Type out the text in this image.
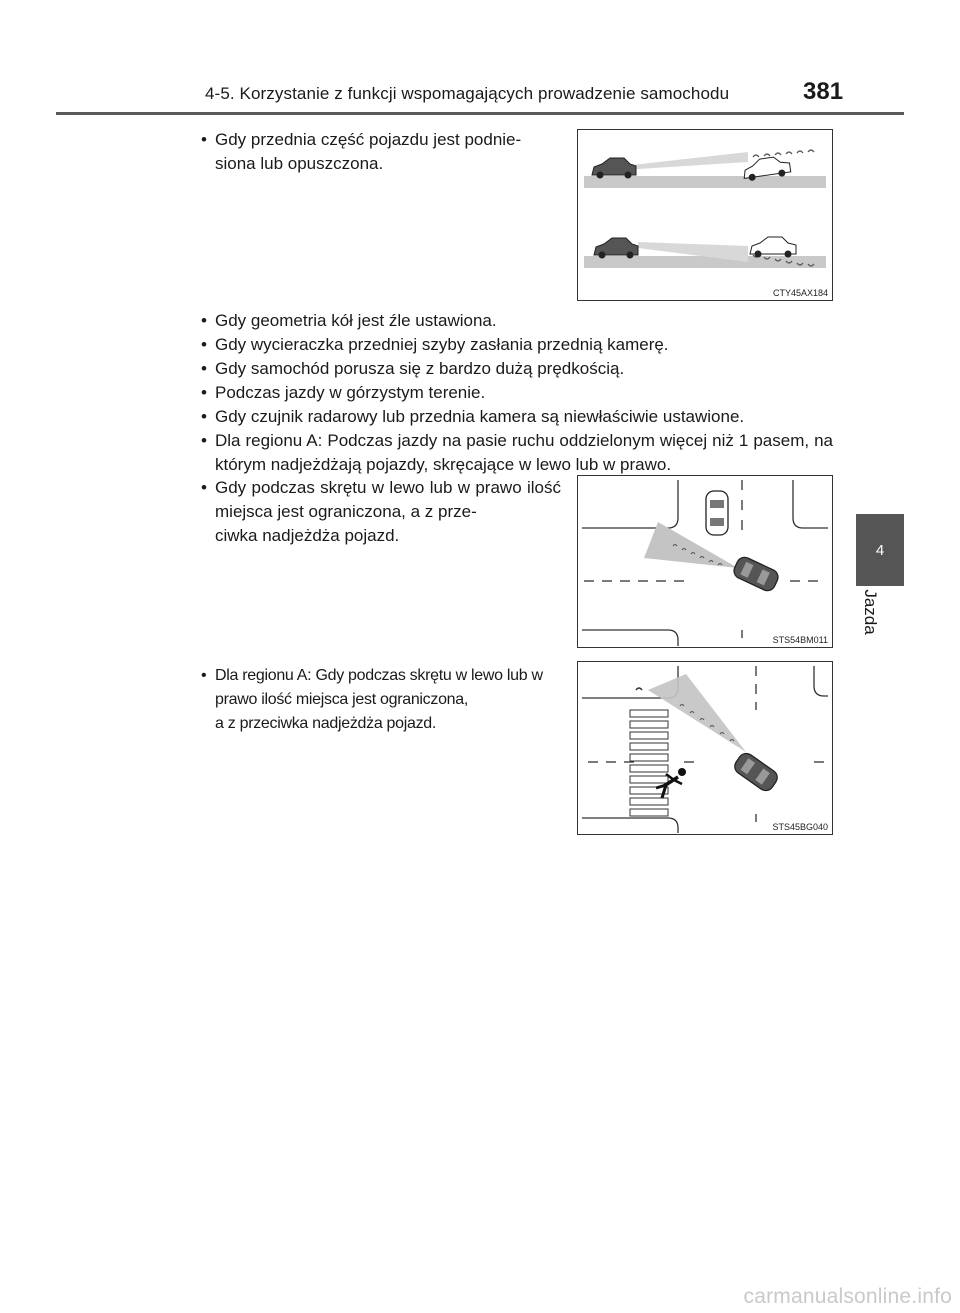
4-5. Korzystanie z funkcji wspomagających prowadzenie samochodu	381
4
Jazda
• Gdy przednia część pojazdu jest podnie-
siona lub opuszczona.
CTY45AX184
• Gdy geometria kół jest źle ustawiona.
• Gdy wycieraczka przedniej szyby zasłania przednią kamerę.
• Gdy samochód porusza się z bardzo dużą prędkością.
• Podczas jazdy w górzystym terenie.
• Gdy czujnik radarowy lub przednia kamera są niewłaściwie ustawione.
• Dla regionu A: Podczas jazdy na pasie ruchu oddzielonym więcej niż 1 pasem, na którym nadjeżdżają pojazdy, skręcające w lewo lub w prawo.
• Gdy podczas skrętu w lewo lub w prawo ilość miejsca jest ograniczona, a z prze-
ciwka nadjeżdża pojazd.
STS54BM011
• Dla regionu A: Gdy podczas skrętu w lewo lub w prawo ilość miejsca jest ograniczona,
a z przeciwka nadjeżdża pojazd.
STS45BG040
carmanualsonline.info
